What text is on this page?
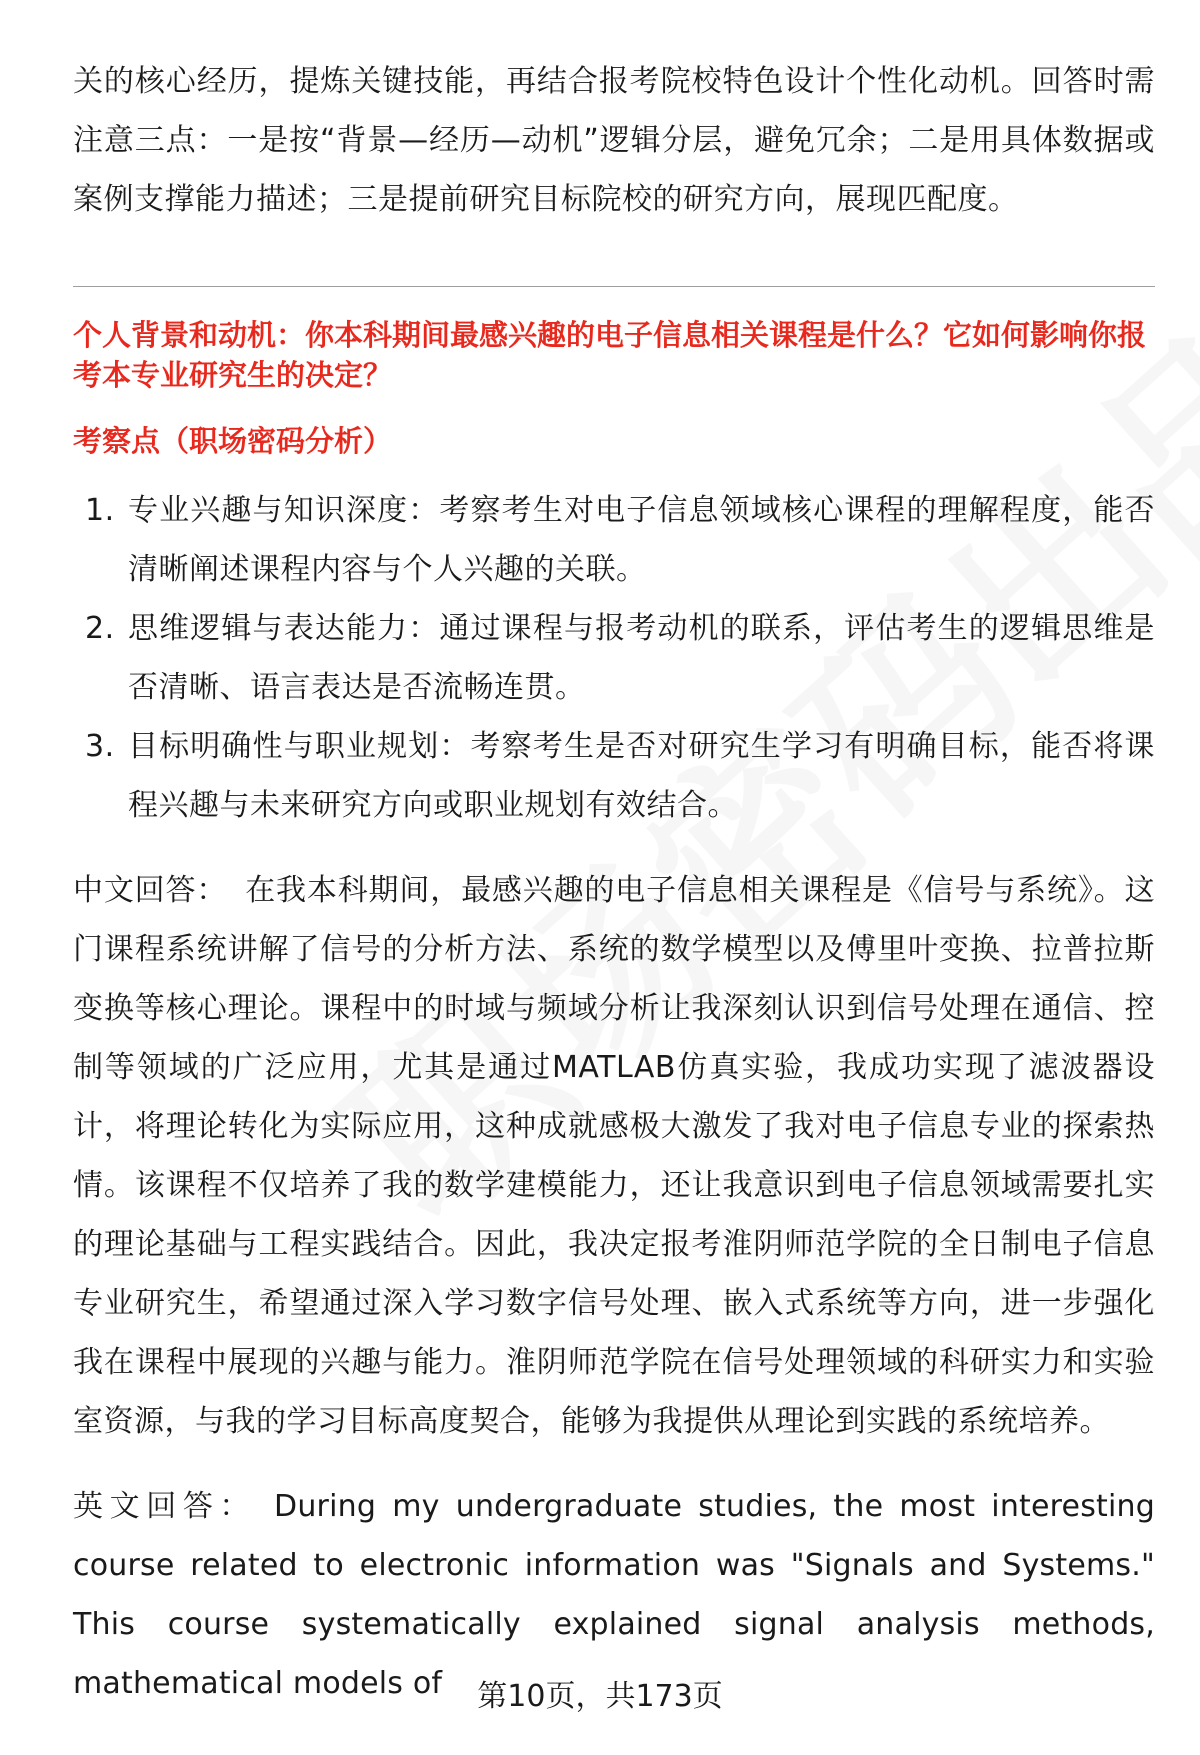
关的核心经历，提炼关键技能，再结合报考院校特色设计个性化动机。回答时需注意三点：一是按“背景—经历—动机”逻辑分层，避免冗余；二是用具体数据或案例支撑能力描述；三是提前研究目标院校的研究方向，展现匹配度。

个人背景和动机：你本科期间最感兴趣的电子信息相关课程是什么？它如何影响你报考本专业研究生的决定？

考察点（职场密码分析）

1. 专业兴趣与知识深度：考察考生对电子信息领域核心课程的理解程度，能否清晰阐述课程内容与个人兴趣的关联。
2. 思维逻辑与表达能力：通过课程与报考动机的联系，评估考生的逻辑思维是否清晰、语言表达是否流畅连贯。
3. 目标明确性与职业规划：考察考生是否对研究生学习有明确目标，能否将课程兴趣与未来研究方向或职业规划有效结合。

中文回答： 在我本科期间，最感兴趣的电子信息相关课程是《信号与系统》。这门课程系统讲解了信号的分析方法、系统的数学模型以及傅里叶变换、拉普拉斯变换等核心理论。课程中的时域与频域分析让我深刻认识到信号处理在通信、控制等领域的广泛应用，尤其是通过MATLAB仿真实验，我成功实现了滤波器设计，将理论转化为实际应用，这种成就感极大激发了我对电子信息专业的探索热情。该课程不仅培养了我的数学建模能力，还让我意识到电子信息领域需要扎实的理论基础与工程实践结合。因此，我决定报考淮阴师范学院的全日制电子信息专业研究生，希望通过深入学习数字信号处理、嵌入式系统等方向，进一步强化我在课程中展现的兴趣与能力。淮阴师范学院在信号处理领域的科研实力和实验室资源，与我的学习目标高度契合，能够为我提供从理论到实践的系统培养。

英文回答： During my undergraduate studies, the most interesting course related to electronic information was "Signals and Systems." This course systematically explained signal analysis methods, mathematical models of	第10页，共173页
